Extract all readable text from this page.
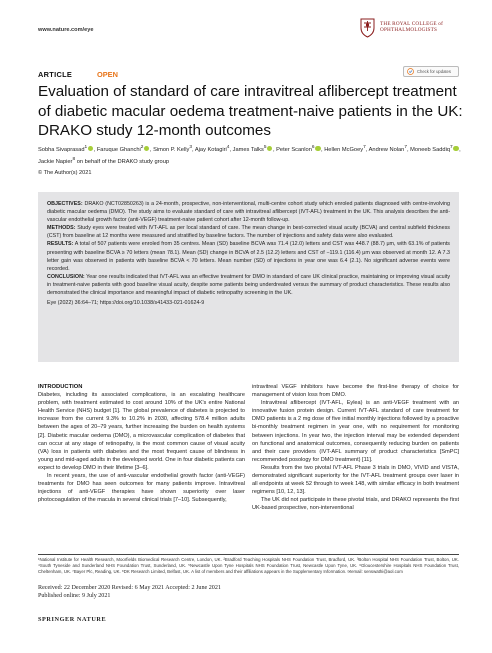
www.nature.com/eye
THE ROYAL COLLEGE of
OPHTHALMOLOGISTS
ARTICLE	OPEN	Check for updates
Evaluation of standard of care intravitreal aflibercept treatment of diabetic macular oedema treatment-naive patients in the UK: DRAKO study 12-month outcomes
Sobha Sivaprasad$^1$ , Faruque Ghanchi$^2$ , Simon P. Kelly$^3$, Ajay Kotagiri$^4$, James Talks$^5$ , Peter Scanlon$^6$ , Hellen McGoey$^7$, Andrew Nolan$^7$, Moneeb Saddiq$^7$ , Jackie Napier$^8$ on behalf of the DRAKO study group
© The Author(s) 2021

OBJECTIVES: DRAKO (NCT02850263) is a 24-month, prospective, non-interventional, multi-centre cohort study which enroled patients diagnosed with centre-involving diabetic macular oedema (DMO). The study aims to evaluate standard of care with intravitreal aflibercept (IVT-AFL) treatment in the UK. This analysis describes the anti-vascular endothelial growth factor (anti-VEGF) treatment-naive patient cohort after 12-month follow-up.

METHODS: Study eyes were treated with IVT-AFL as per local standard of care. The mean change in best-corrected visual acuity (BCVA) and central subfield thickness (CST) from baseline at 12 months were measured and stratified by baseline factors. The number of injections and safety data were also evaluated.

RESULTS: A total of 507 patients were enroled from 35 centres. Mean (SD) baseline BCVA was 71.4 (12.0) letters and CST was 448.7 (88.7) μm, with 63.1% of patients presenting with baseline BCVA ≥ 70 letters (mean 78.1). Mean (SD) change in BCVA of 2.5 (12.2) letters and CST of −119.1 (116.4) μm was observed at month 12. A 7.3 letter gain was observed in patients with baseline BCVA < 70 letters. Mean number (SD) of injections in year one was 6.4 (2.1). No significant adverse events were recorded.

CONCLUSION: Year one results indicated that IVT-AFL was an effective treatment for DMO in standard of care UK clinical practice, maintaining or improving visual acuity in treatment-naive patients with good baseline visual acuity, despite some patients being underdreated versus the summary of product characteristics. These results also demonstrated the clinical importance and meaningful impact of diabetic retinopathy screening in the UK.

Eye (2022) 36:64–71; https://doi.org/10.1038/s41433-021-01624-9

INTRODUCTION

Diabetes, including its associated complications, is an escalating healthcare problem, with treatment estimated to cost around 10% of the UK's entire National Health Service (NHS) budget [1]. The global prevalence of diabetes is projected to increase from the current 9.3% to 10.2% in 2030, affecting 578.4 million adults between the ages of 20–79 years, further increasing the burden on health systems [2]. Diabetic macular oedema (DMO), a microvascular complication of diabetes that can occur at any stage of retinopathy, is the most common cause of visual acuity (VA) loss in patients with diabetes and the most frequent cause of blindness in young and mid-aged adults in the developed world. One in four diabetic patients can expect to develop DMO in their lifetime [3–6].

In recent years, the use of anti-vascular endothelial growth factor (anti-VEGF) treatments for DMO has seen outcomes for many patients improve. Intravitreal injections of anti-VEGF therapies have shown superiority over laser photocoagulation of the macula in several clinical trials [7–10]. Subsequently,

intravitreal VEGF inhibitors have become the first-line therapy of choice for management of vision loss from DMO.

Intravitreal aflibercept (IVT-AFL, Eylea) is an anti-VEGF treatment with an innovative fusion protein design. Current IVT-AFL standard of care treatment for DMO patients is a 2 mg dose of five initial monthly injections followed by a proactive bi-monthly treatment regimen in year one, with no requirement for monitoring between injections. In year two, the injection interval may be extended dependent on functional and anatomical outcomes, consequently reducing burden on patients and their care providers (IVT-AFL summary of product characteristics [SmPC] recommended posology for DMO treatment) [11].

Results from the two pivotal IVT-AFL Phase 3 trials in DMO, VIVID and VISTA, demonstrated significant superiority for the IVT-AFL treatment groups over laser in all endpoints at week 52 through to week 148, with similar efficacy in both treatment regimens [10, 12, 13].

The UK did not participate in these pivotal trials, and DRAKO represents the first UK-based prospective, non-interventional

¹National Institute for Health Research, Moorfields Biomedical Research Centre, London, UK. ²Bradford Teaching Hospitals NHS Foundation Trust, Bradford, UK. ³Bolton Hospital NHS Foundation Trust, Bolton, UK. ⁴South Tyneside and Sunderland NHS Foundation Trust, Sunderland, UK. ⁵Newcastle Upon Tyne Hospitals NHS Foundation Trust, Newcastle Upon Tyne, UK. ⁶Gloucestershire Hospitals NHS Foundation Trust, Cheltenham, UK. ⁷Bayer Plc, Reading, UK. ⁸DK Research Limited, Belfast, UK. A list of members and their affiliations appears in the Supplementary Information. ✉email: senswathi@aol.com
Received: 22 December 2020 Revised: 6 May 2021 Accepted: 2 June 2021
Published online: 9 July 2021
SPRINGER NATURE
